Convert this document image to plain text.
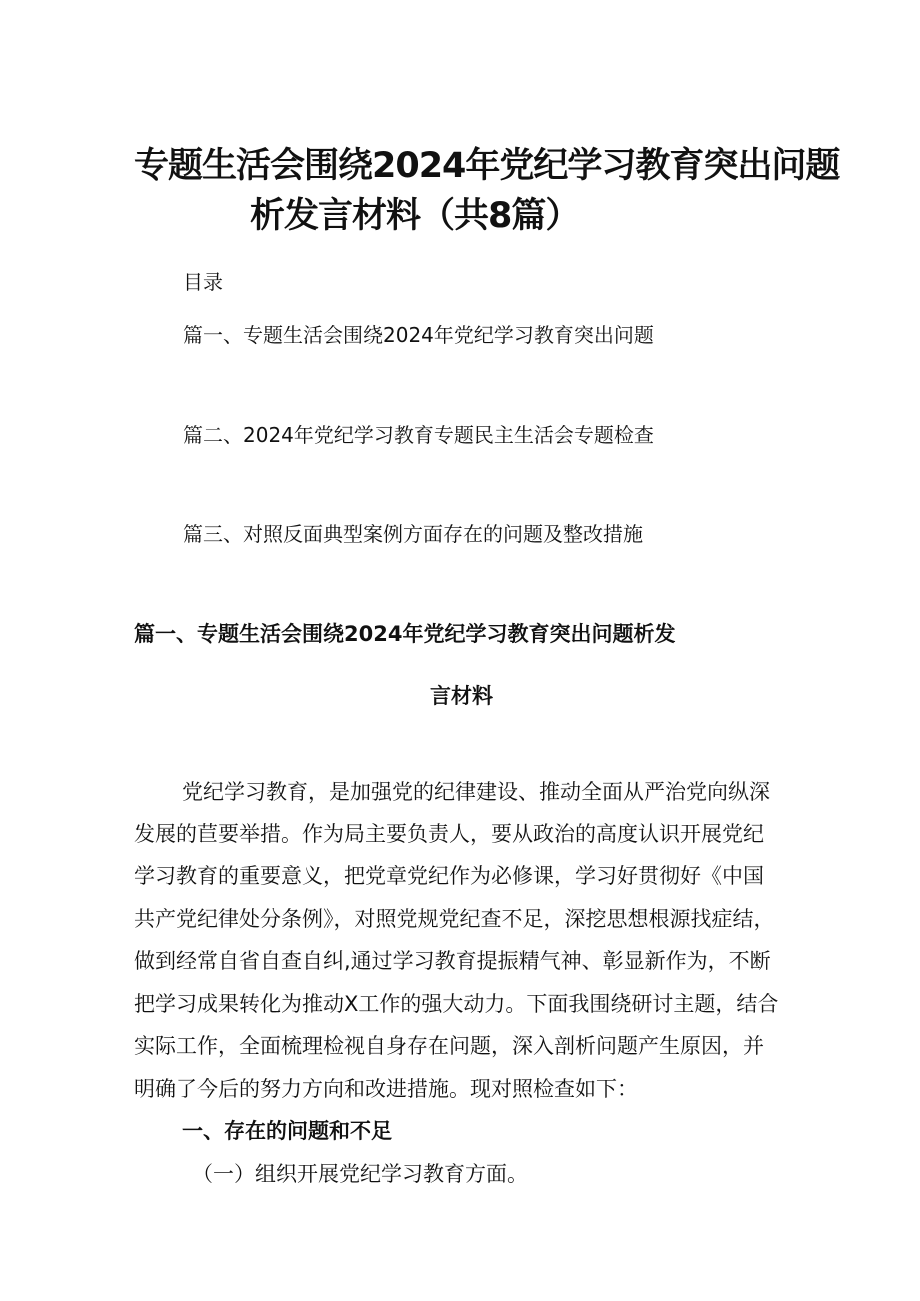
专题生活会围绕2024年党纪学习教育突出问题
析发言材料（共8篇）
目录
篇一、专题生活会围绕2024年党纪学习教育突出问题
篇二、2024年党纪学习教育专题民主生活会专题检查
篇三、对照反面典型案例方面存在的问题及整改措施
篇一、专题生活会围绕2024年党纪学习教育突出问题析发
言材料
党纪学习教育，是加强党的纪律建设、推动全面从严治党向纵深
发展的苣要举措。作为局主要负责人，要从政治的高度认识开展党纪
学习教育的重要意义，把党章党纪作为必修课，学习好贯彻好《中国
共产党纪律处分条例》，对照党规党纪查不足，深挖思想根源找症结，
做到经常自省自查自纠,通过学习教育提振精气神、彰显新作为，不断
把学习成果转化为推动X工作的强大动力。下面我围绕研讨主题，结合
实际工作，全面梳理检视自身存在问题，深入剖析问题产生原因，并
明确了今后的努力方向和改进措施。现对照检查如下：
一、存在的问题和不足
（一）组织开展党纪学习教育方面。
